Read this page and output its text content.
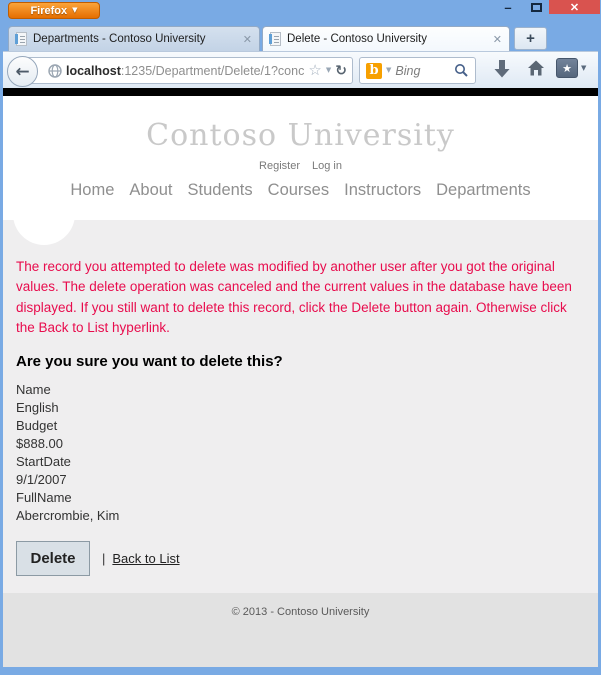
Firefox ▼	–	✕
Departments - Contoso University	✕	Delete - Contoso University	✕	+
←	localhost:1235/Department/Delete/1?conc ☆ ▼ ↻ b	▼ Bing	★	▼
Contoso University
Register Log in
Home About Students Courses Instructors Departments

The record you attempted to delete was modified by another user after you got the original values. The delete operation was canceled and the current values in the database have been displayed. If you still want to delete this record, click the Delete button again. Otherwise click the Back to List hyperlink.

Are you sure you want to delete this?
Name
English
Budget
$888.00
StartDate
9/1/2007
FullName
Abercrombie, Kim
Delete	| Back to List
© 2013 - Contoso University
